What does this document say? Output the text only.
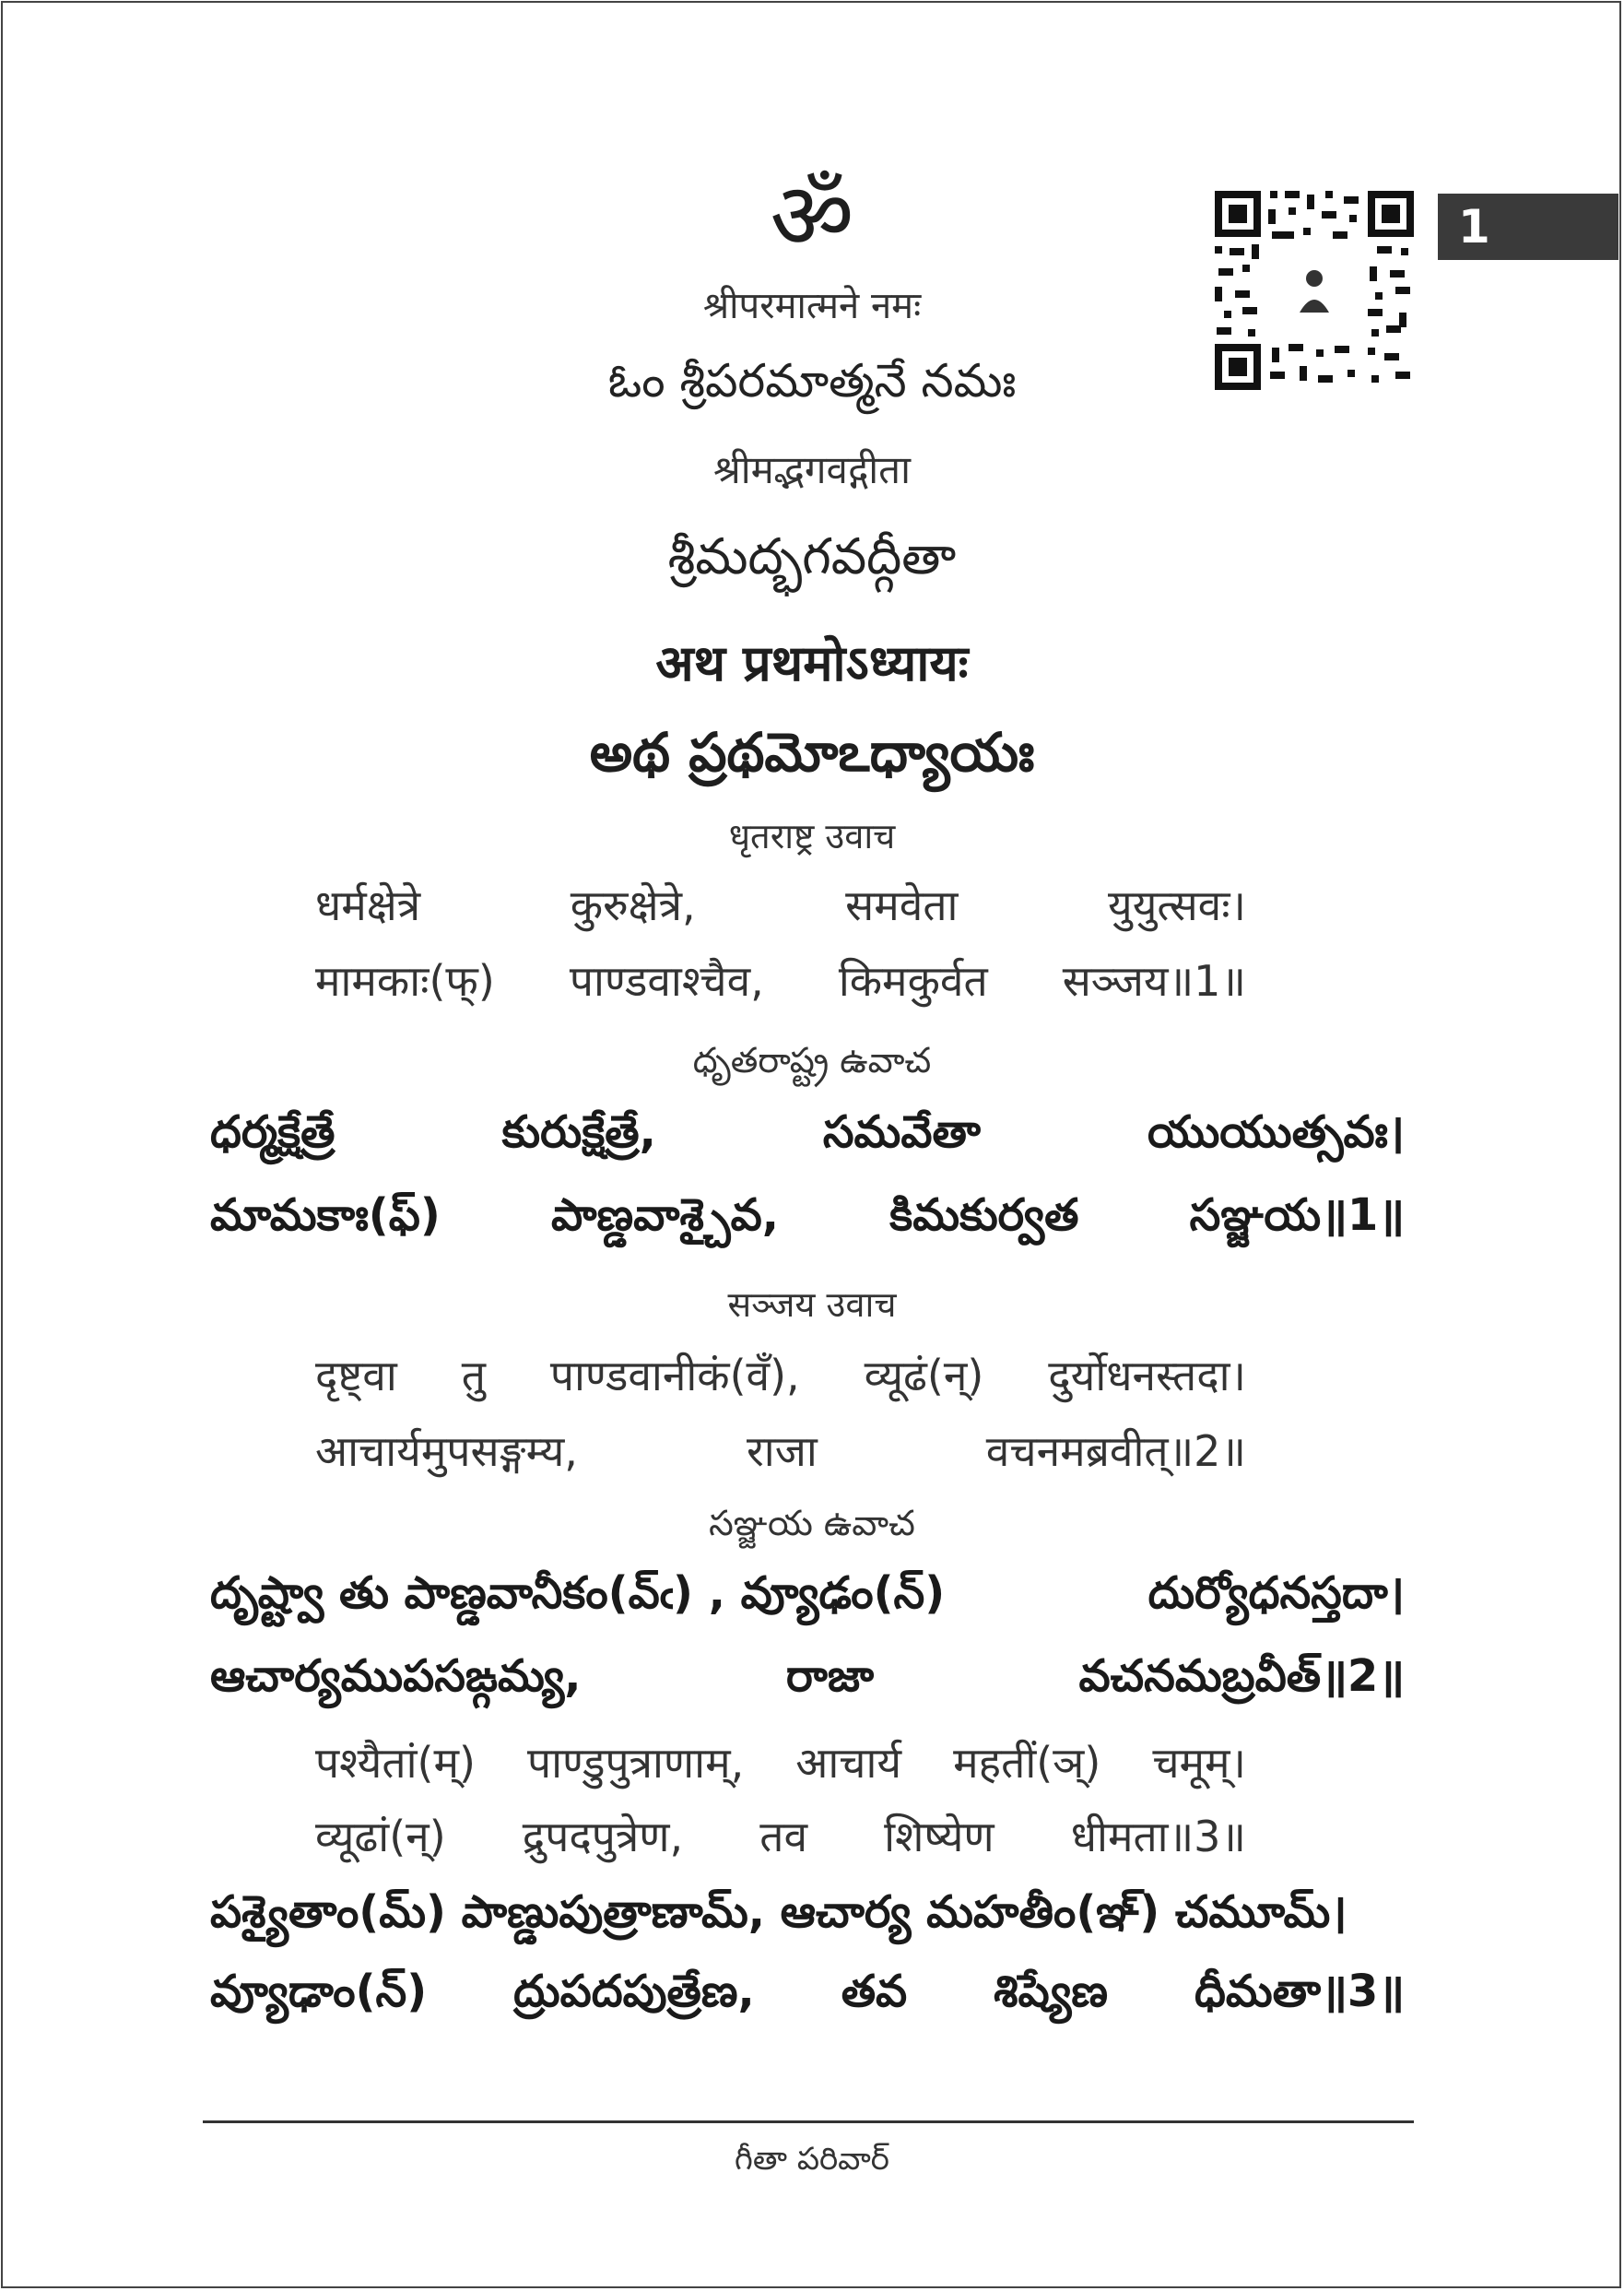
1
ॐ
श्रीपरमात्मने नमः
ఓం శ్రీపరమాత్మనే నమః
श्रीमद्भगवद्गीता
శ్రీమద్భగవద్గీతా
अथ प्रथमोऽध्यायः
అథ ప్రథమోఽధ్యాయః
धृतराष्ट्र उवाच
धर्मक्षेत्रे	कुरुक्षेत्रे,	समवेता	युयुत्सवः।
मामकाः(फ्) पाण्डवाश्चैव, किमकुर्वत सञ्जय॥1॥
ధృతరాష్ట్ర ఉవాచ
ధర్మక్షేత్రే	కురుక్షేత్రే,	సమవేతా	యుయుత్సవః।
మామకాః(ఫ్)	పాణ్డవాశ్చైవ,	కిమకుర్వత	సఞ్జయ॥1॥
सञ्जय उवाच
दृष्ट्वा तु पाण्डवानीकं(वँ), व्यूढं(न्) दुर्योधनस्तदा।
आचार्यमुपसङ्गम्य,	राजा	वचनमब्रवीत्॥2॥
సఞ్జయ ఉవాచ
దృష్ట్వా తు పాణ్డవానీకం(వ్ఁ) , వ్యూఢం(న్)	దుర్యోధనస్తదా।
ఆచార్యముపసఙ్గమ్య,	రాజా	వచనమబ్రవీత్॥2॥
पश्यैतां(म्) पाण्डुपुत्राणाम्, आचार्य महतीं(ञ्) चमूम्।
व्यूढां(न्) द्रुपदपुत्रेण, तव शिष्येण धीमता॥3॥
పశ్యైతాం(మ్) పాణ్డుపుత్రాణామ్, ఆచార్య మహతీం(ఞ్) చమూమ్।
వ్యూఢాం(న్) ద్రుపదపుత్రేణ, తవ శిష్యేణ ధీమతా॥3॥
గీతా పరివార్
